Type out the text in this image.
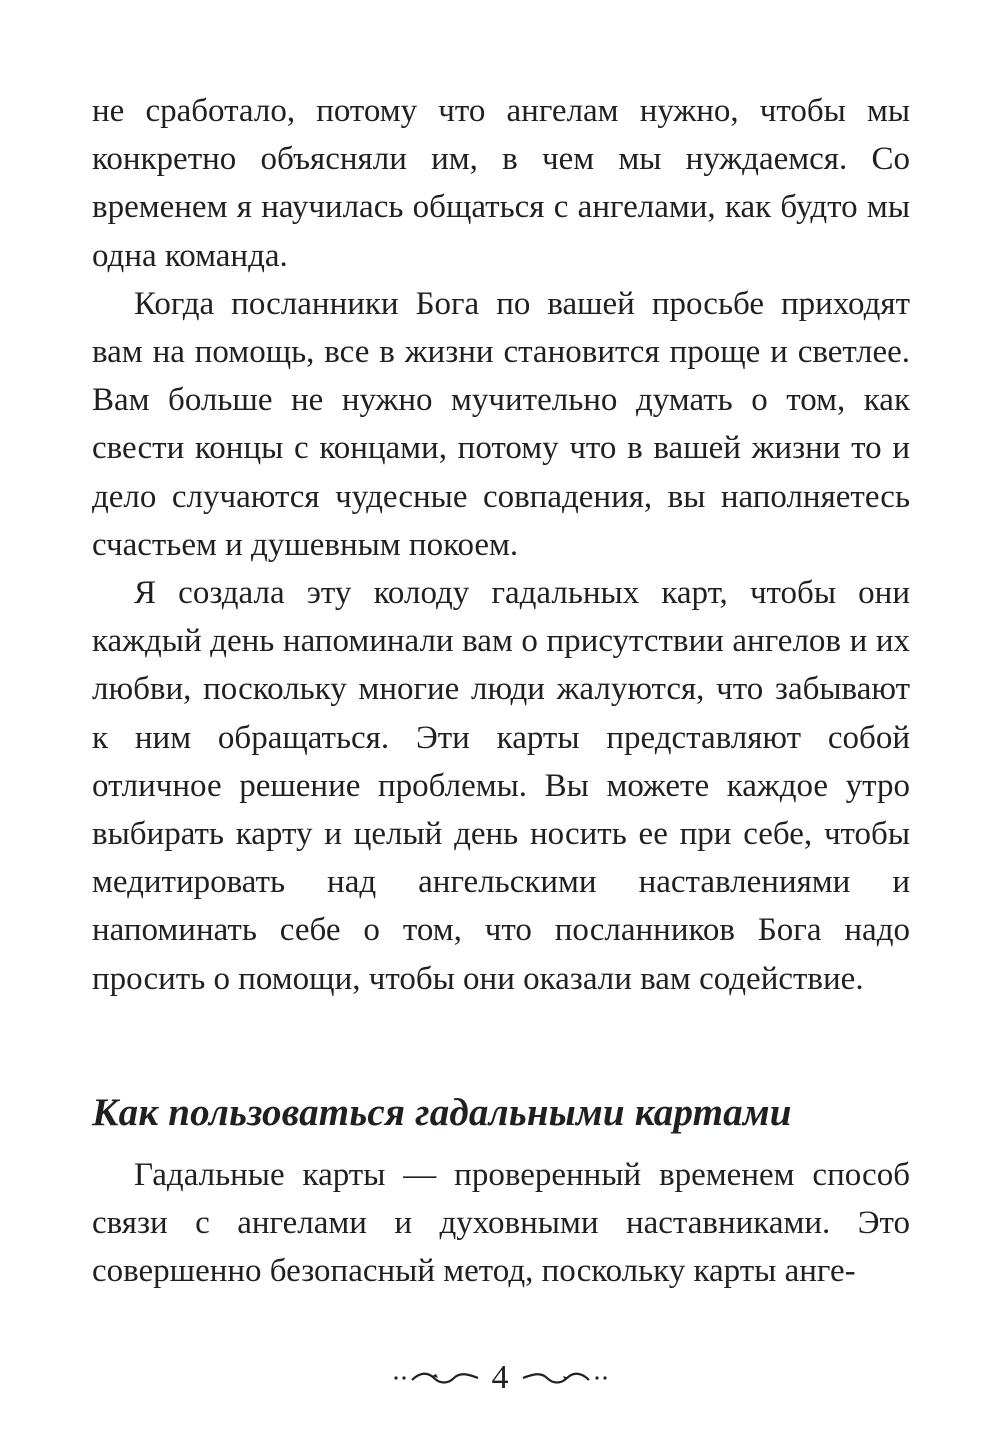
не сработало, потому что ангелам нужно, чтобы мы конкретно объясняли им, в чем мы нуждаемся. Со временем я научилась общаться с ангелами, как будто мы одна команда.

Когда посланники Бога по вашей просьбе приходят вам на помощь, все в жизни становится проще и светлее. Вам больше не нужно мучительно думать о том, как свести концы с концами, потому что в вашей жизни то и дело случаются чудесные совпадения, вы наполняетесь счастьем и душевным покоем.

Я создала эту колоду гадальных карт, чтобы они каждый день напоминали вам о присутствии ангелов и их любви, поскольку многие люди жалуются, что забывают к ним обращаться. Эти карты представляют собой отличное решение проблемы. Вы можете каждое утро выбирать карту и целый день носить ее при себе, чтобы медитировать над ангельскими наставлениями и напоминать себе о том, что посланников Бога надо просить о помощи, чтобы они оказали вам содействие.

Как пользоваться гадальными картами

Гадальные карты — проверенный временем способ связи с ангелами и духовными наставниками. Это совершенно безопасный метод, поскольку карты анге-

4
